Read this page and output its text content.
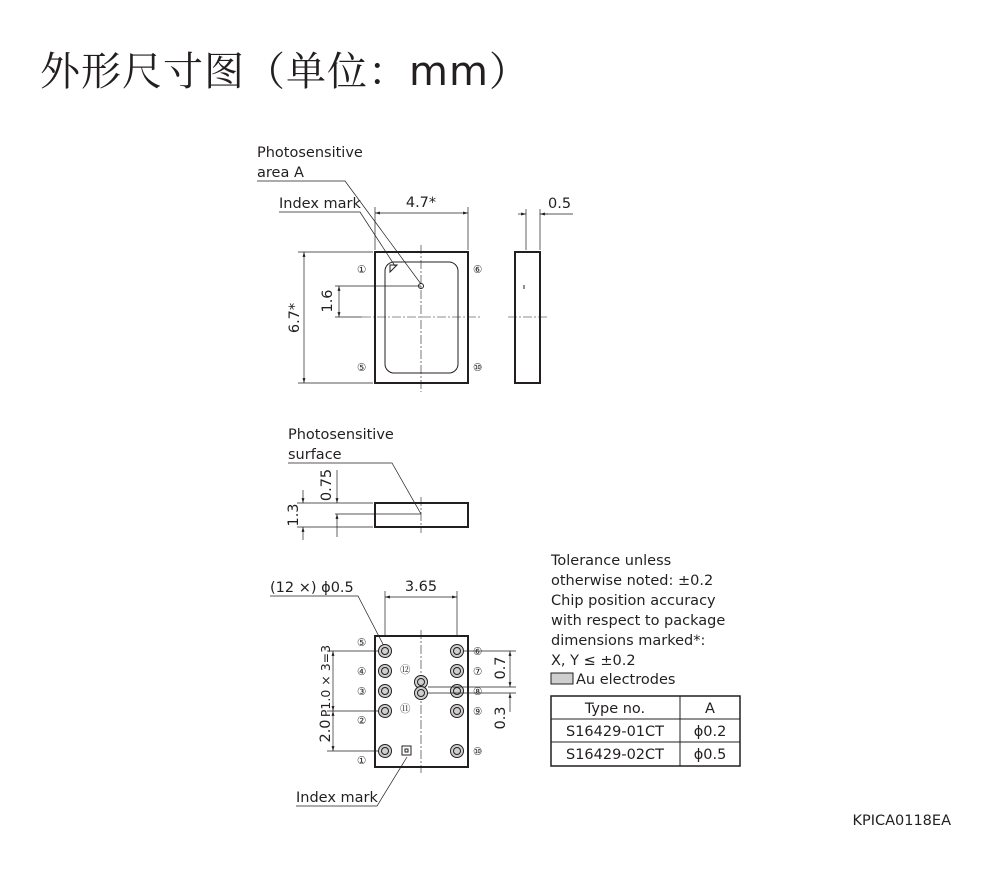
外形尺寸图（单位：mm）
Photosensitive
area A
Index mark
①
⑤
⑥
⑩
4.7*
6.7*
1.6
0.5
Photosensitive
surface
0.75
1.3
(12 ×) ϕ0.5	3.65
⑤
④
③
②
①
⑥
⑦
⑧
⑨
⑩
⑫
⑪
P1.0 × 3=3
2.0
0.7
0.3
Index mark
Tolerance unless
otherwise noted: ±0.2
Chip position accuracy
with respect to package
dimensions marked*:
X, Y ≤ ±0.2
Au electrodes
Type no.	A
S16429-01CT ϕ0.2
S16429-02CT ϕ0.5
KPICA0118EA
